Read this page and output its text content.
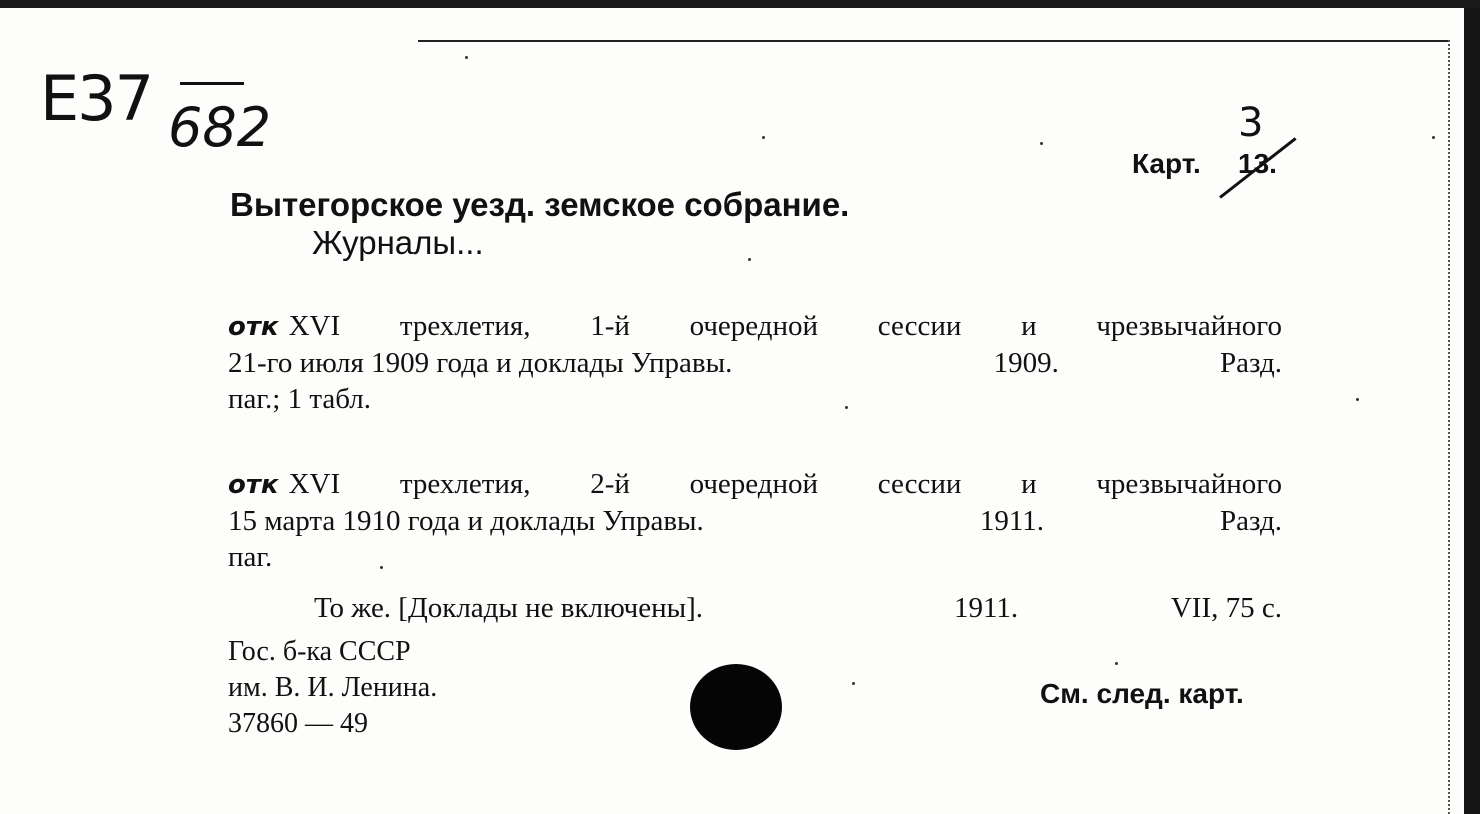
E37 682	3
Карт. 13.
Вытегорское уезд. земское собрание.
Журналы...
отк XVI трехлетия, 1-й очередной сессии и чрезвычайного
21-го июля 1909 года и доклады Управы.	1909.	Разд.
паг.; 1 табл.
отк XVI трехлетия, 2-й очередной сессии и чрезвычайного
15 марта 1910 года и доклады Управы.	1911.	Разд.
паг.
То же. [Доклады не включены].	1911.	VII, 75 с.
Гос. б-ка СССР
им. В. И. Ленина.
37860 — 49
См. след. карт.
